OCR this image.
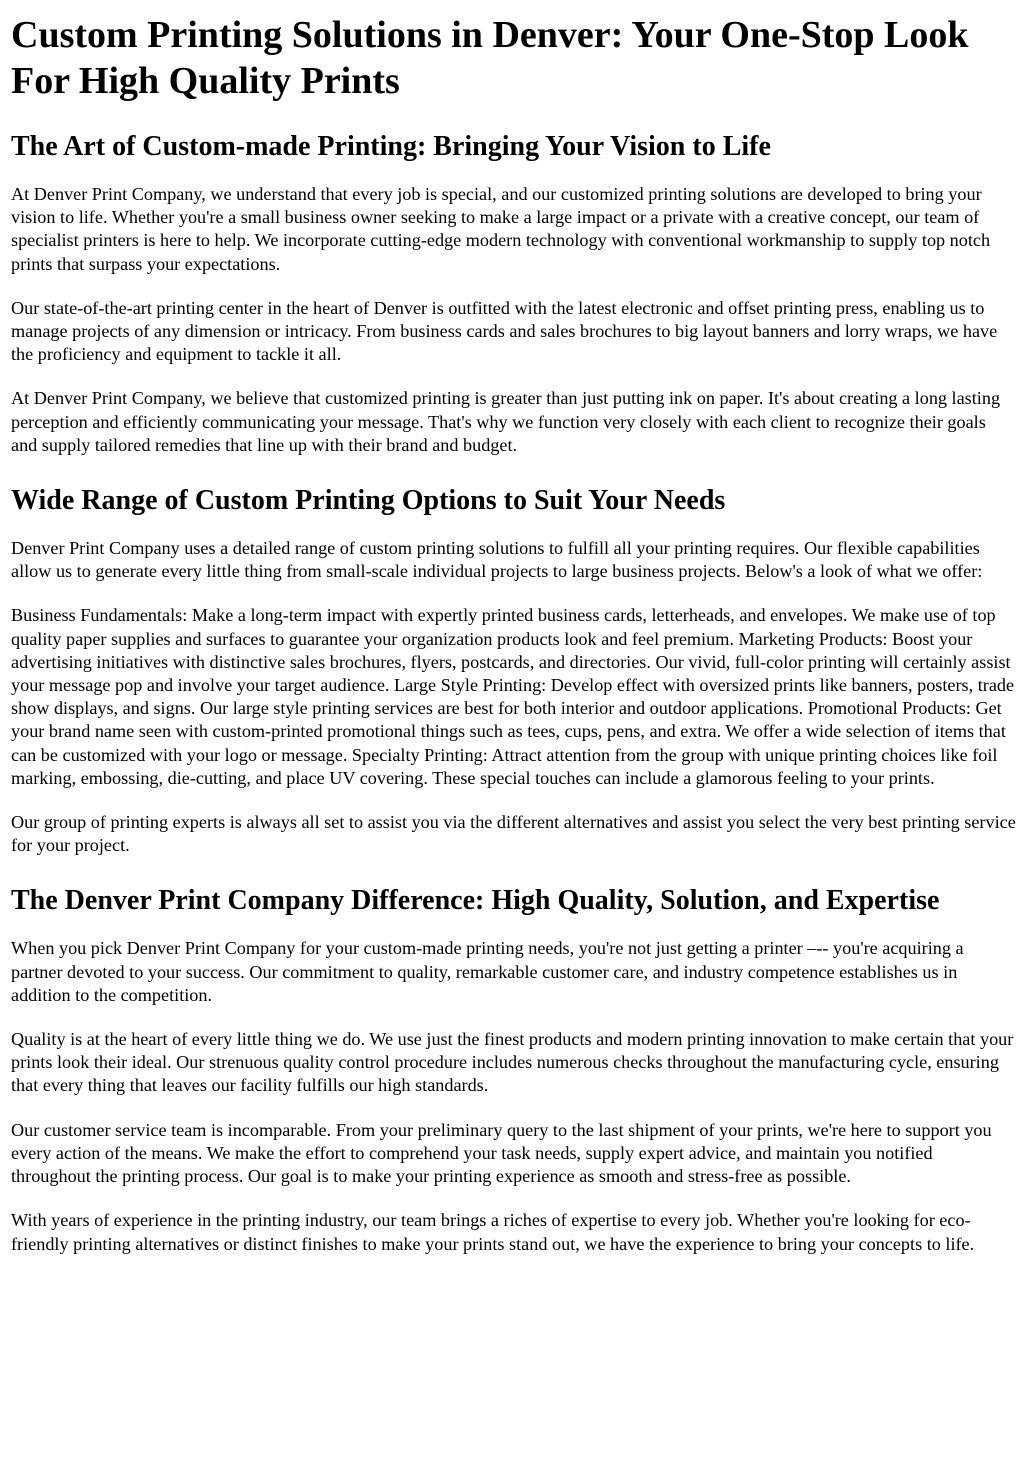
Custom Printing Solutions in Denver: Your One-Stop Look For High Quality Prints
The Art of Custom-made Printing: Bringing Your Vision to Life

At Denver Print Company, we understand that every job is special, and our customized printing solutions are developed to bring your vision to life. Whether you're a small business owner seeking to make a large impact or a private with a creative concept, our team of specialist printers is here to help. We incorporate cutting-edge modern technology with conventional workmanship to supply top notch prints that surpass your expectations.

Our state-of-the-art printing center in the heart of Denver is outfitted with the latest electronic and offset printing press, enabling us to manage projects of any dimension or intricacy. From business cards and sales brochures to big layout banners and lorry wraps, we have the proficiency and equipment to tackle it all.

At Denver Print Company, we believe that customized printing is greater than just putting ink on paper. It's about creating a long lasting perception and efficiently communicating your message. That's why we function very closely with each client to recognize their goals and supply tailored remedies that line up with their brand and budget.

Wide Range of Custom Printing Options to Suit Your Needs

Denver Print Company uses a detailed range of custom printing solutions to fulfill all your printing requires. Our flexible capabilities allow us to generate every little thing from small-scale individual projects to large business projects. Below's a look of what we offer:

Business Fundamentals: Make a long-term impact with expertly printed business cards, letterheads, and envelopes. We make use of top quality paper supplies and surfaces to guarantee your organization products look and feel premium. Marketing Products: Boost your advertising initiatives with distinctive sales brochures, flyers, postcards, and directories. Our vivid, full-color printing will certainly assist your message pop and involve your target audience. Large Style Printing: Develop effect with oversized prints like banners, posters, trade show displays, and signs. Our large style printing services are best for both interior and outdoor applications. Promotional Products: Get your brand name seen with custom-printed promotional things such as tees, cups, pens, and extra. We offer a wide selection of items that can be customized with your logo or message. Specialty Printing: Attract attention from the group with unique printing choices like foil marking, embossing, die-cutting, and place UV covering. These special touches can include a glamorous feeling to your prints.

Our group of printing experts is always all set to assist you via the different alternatives and assist you select the very best printing service for your project.

The Denver Print Company Difference: High Quality, Solution, and Expertise

When you pick Denver Print Company for your custom-made printing needs, you're not just getting a printer –-- you're acquiring a partner devoted to your success. Our commitment to quality, remarkable customer care, and industry competence establishes us in addition to the competition.

Quality is at the heart of every little thing we do. We use just the finest products and modern printing innovation to make certain that your prints look their ideal. Our strenuous quality control procedure includes numerous checks throughout the manufacturing cycle, ensuring that every thing that leaves our facility fulfills our high standards.

Our customer service team is incomparable. From your preliminary query to the last shipment of your prints, we're here to support you every action of the means. We make the effort to comprehend your task needs, supply expert advice, and maintain you notified throughout the printing process. Our goal is to make your printing experience as smooth and stress-free as possible.

With years of experience in the printing industry, our team brings a riches of expertise to every job. Whether you're looking for eco-friendly printing alternatives or distinct finishes to make your prints stand out, we have the experience to bring your concepts to life.
